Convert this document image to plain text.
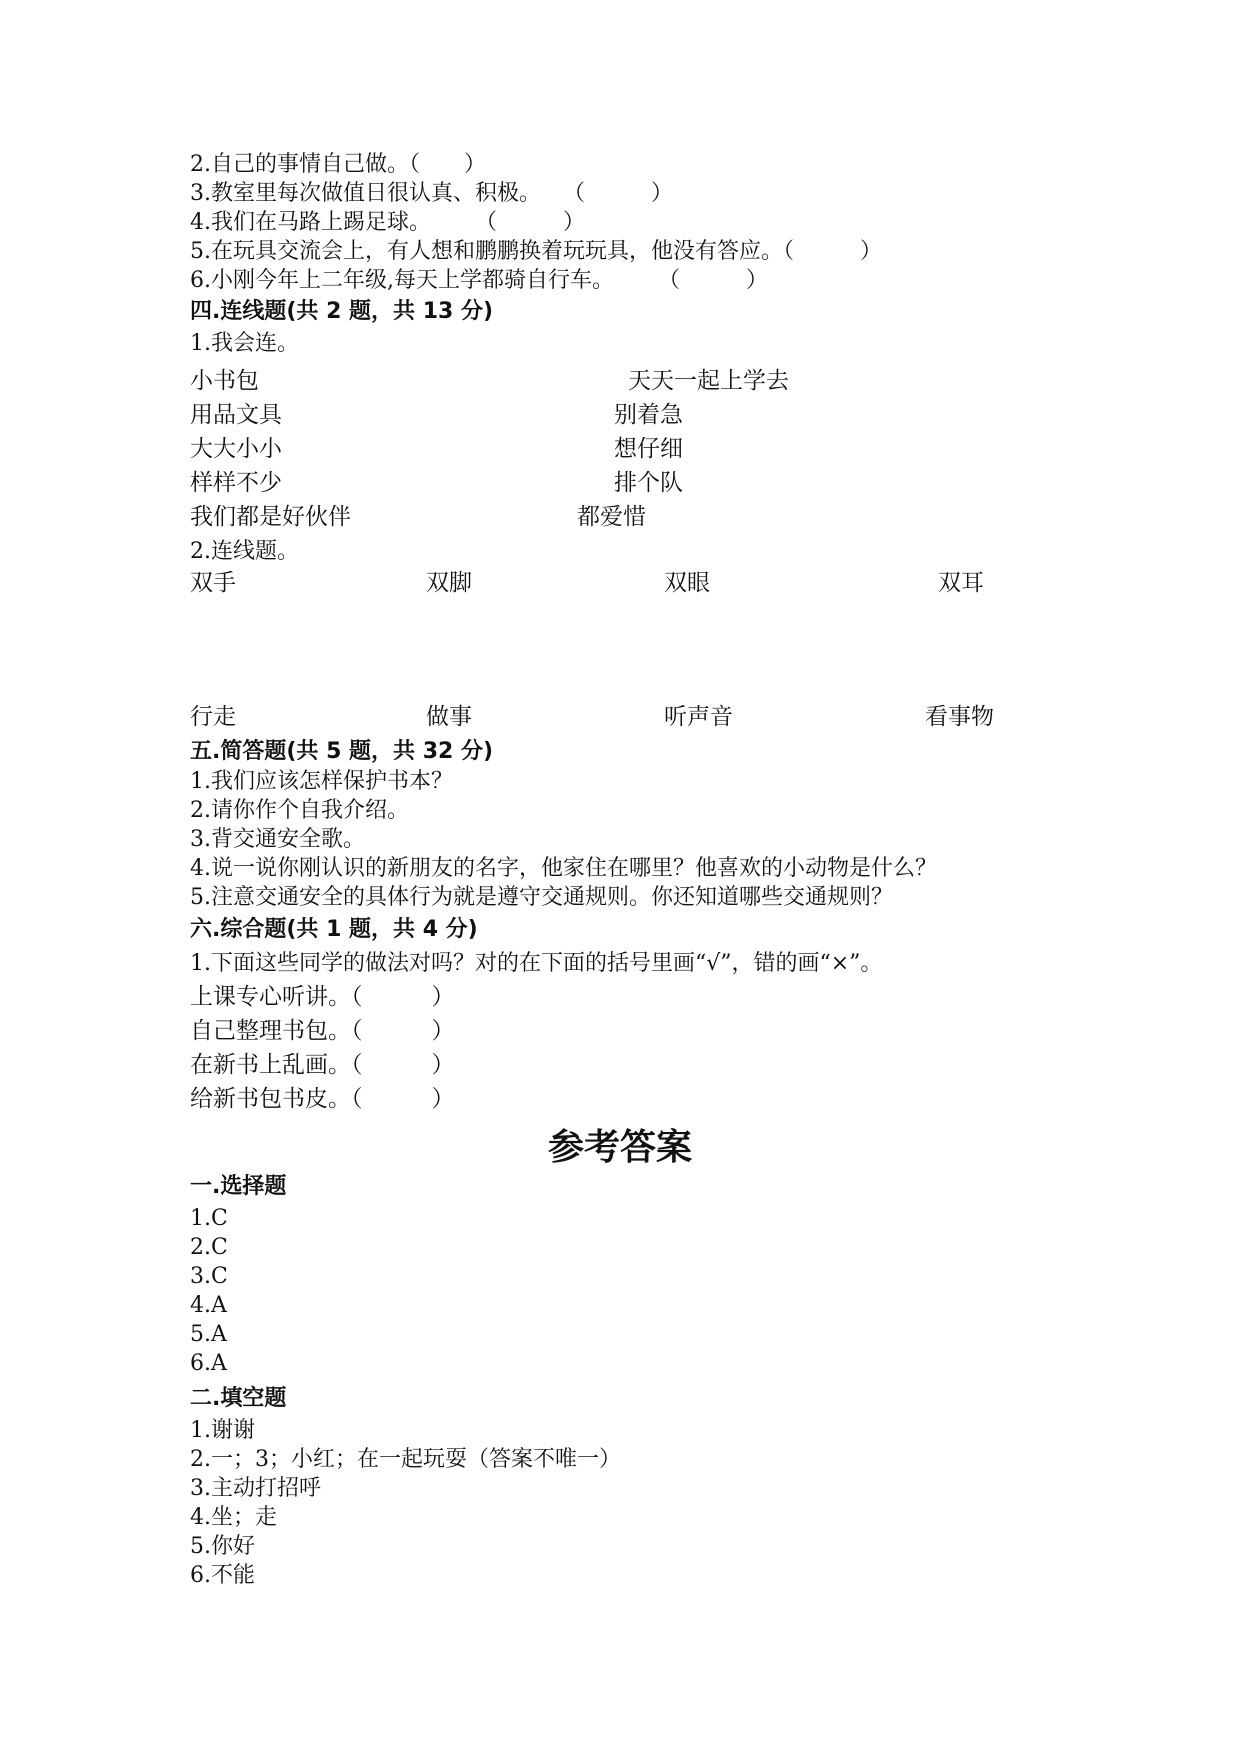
2.自己的事情自己做。（　　）
3.教室里每次做值日很认真、积极。　　（　　　）
4.我们在马路上踢足球。　　　（　　　）
5.在玩具交流会上，有人想和鹏鹏换着玩玩具，他没有答应。（　　　）
6.小刚今年上二年级,每天上学都骑自行车。　　　（　　　）
四.连线题(共 2 题，共 13 分)
1.我会连。
小书包	天天一起上学去
用品文具	别着急
大大小小	想仔细
样样不少	排个队
我们都是好伙伴	都爱惜
2.连线题。
双手	双脚	双眼	双耳
行走	做事	听声音	看事物
五.简答题(共 5 题，共 32 分)
1.我们应该怎样保护书本？
2.请你作个自我介绍。
3.背交通安全歌。
4.说一说你刚认识的新朋友的名字，他家住在哪里？他喜欢的小动物是什么？
5.注意交通安全的具体行为就是遵守交通规则。你还知道哪些交通规则？
六.综合题(共 1 题，共 4 分)
1.下面这些同学的做法对吗？对的在下面的括号里画“√”，错的画“×”。
上课专心听讲。（　　　）
自己整理书包。（　　　）
在新书上乱画。（　　　）
给新书包书皮。（　　　）
参考答案
一.选择题
1.C
2.C
3.C
4.A
5.A
6.A
二.填空题
1.谢谢
2.一；3；小红；在一起玩耍（答案不唯一）
3.主动打招呼
4.坐；走
5.你好
6.不能
